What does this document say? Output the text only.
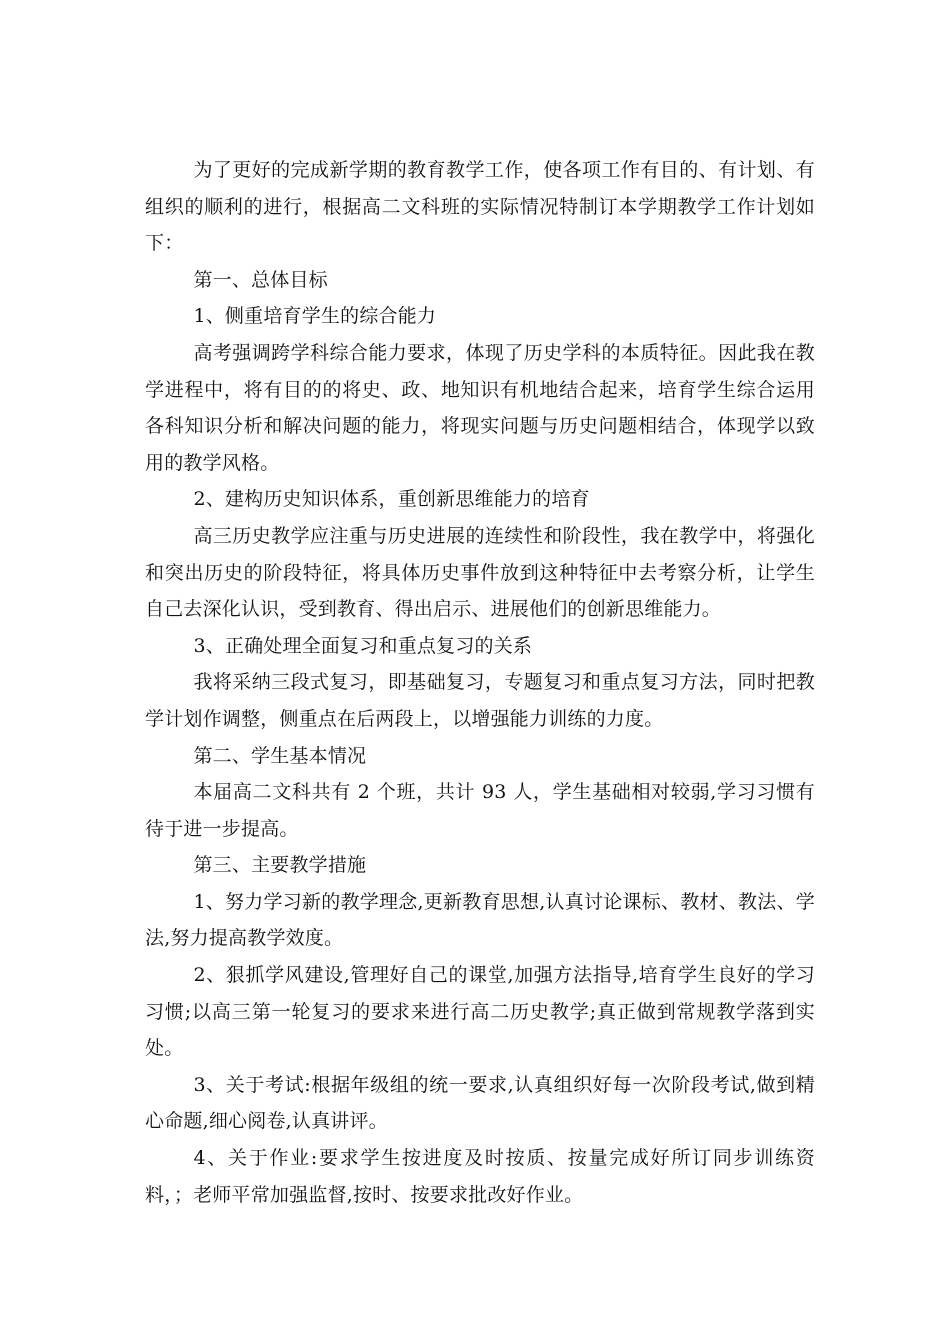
为了更好的完成新学期的教育教学工作，使各项工作有目的、有计划、有组织的顺利的进行，根据高二文科班的实际情况特制订本学期教学工作计划如下：

第一、总体目标

1、侧重培育学生的综合能力

高考强调跨学科综合能力要求，体现了历史学科的本质特征。因此我在教学进程中，将有目的的将史、政、地知识有机地结合起来，培育学生综合运用各科知识分析和解决问题的能力，将现实问题与历史问题相结合，体现学以致用的教学风格。

2、建构历史知识体系，重创新思维能力的培育

高三历史教学应注重与历史进展的连续性和阶段性，我在教学中，将强化和突出历史的阶段特征，将具体历史事件放到这种特征中去考察分析，让学生自己去深化认识，受到教育、得出启示、进展他们的创新思维能力。

3、正确处理全面复习和重点复习的关系

我将采纳三段式复习，即基础复习，专题复习和重点复习方法，同时把教学计划作调整，侧重点在后两段上，以增强能力训练的力度。

第二、学生基本情况

本届高二文科共有 2 个班，共计 93 人，学生基础相对较弱,学习习惯有待于进一步提高。

第三、主要教学措施

1、努力学习新的教学理念,更新教育思想,认真讨论课标、教材、教法、学法,努力提高教学效度。

2、狠抓学风建设,管理好自己的课堂,加强方法指导,培育学生良好的学习习惯;以高三第一轮复习的要求来进行高二历史教学;真正做到常规教学落到实处。

3、关于考试:根据年级组的统一要求,认真组织好每一次阶段考试,做到精心命题,细心阅卷,认真讲评。

4、关于作业:要求学生按进度及时按质、按量完成好所订同步训练资料，；老师平常加强监督,按时、按要求批改好作业。
